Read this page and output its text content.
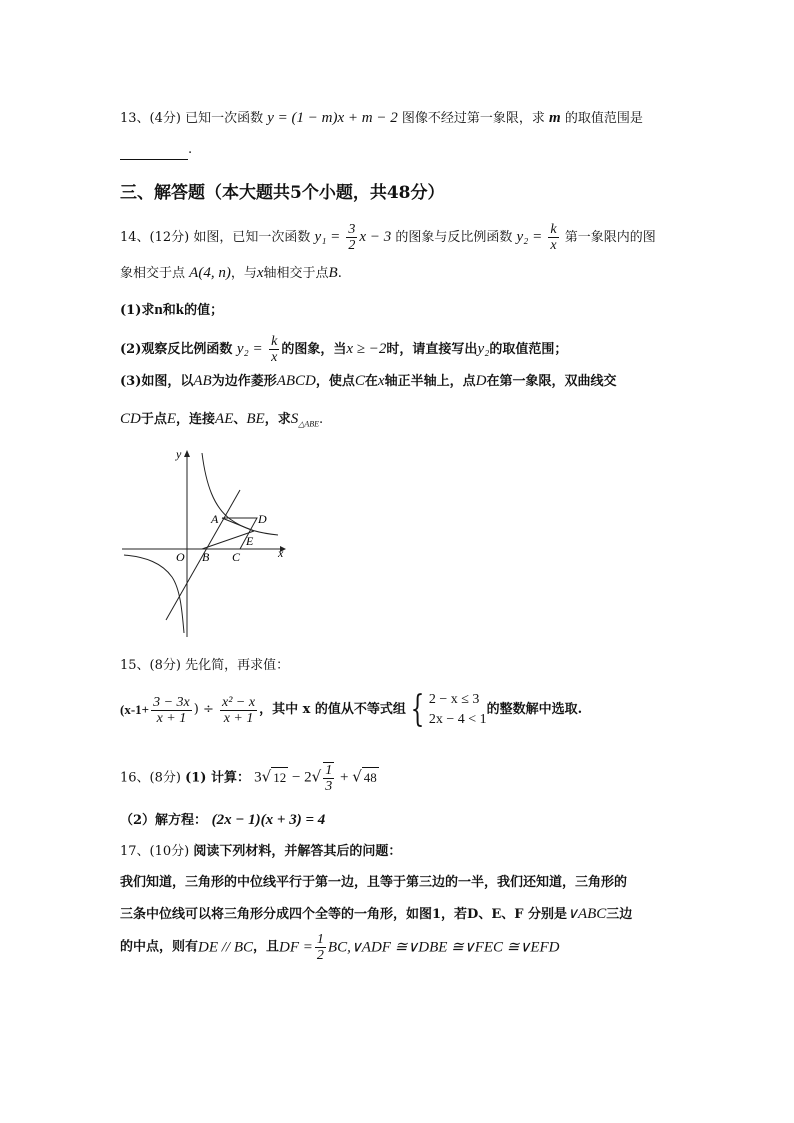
13、(4分) 已知一次函数 y = (1 − m)x + m − 2 图像不经过第一象限，求 m 的取值范围是
.
三、解答题（本大题共5个小题，共48分）
14、(12分) 如图，已知一次函数 $y_1 = \frac{3}{2}$ x − 3 的图象与反比例函数 $y_2 = \frac{k}{x}$ 第一象限内的图
象相交于点 A(4, n)，与x轴相交于点B.
(1)求n和k的值；
(2)观察反比例函数 $y_2 = \frac{k}{x}$ 的图象，当x ≥ −2时，请直接写出y₂的取值范围；
(3)如图，以AB为边作菱形ABCD，使点C在x轴正半轴上，点D在第一象限，双曲线交
CD于点E，连接AE、BE，求$S_{\triangle ABE}$.
y
x
O
A
B C
D
E
15、(8分) 先化简，再求值：
($x-1+ \frac{3 - 3x}{x + 1}$ ) ÷ $\frac{\text{x² − x}}{x + 1}$ ，其中 x 的值从不等式组 { 2 − x ≤ 3
2x − 4 < 1
的整数解中选取.
16、(8分) (1) 计算： 3√ $12 - 2√ \frac{1}{3}$ + √ 48
（2）解方程： (2x − 1)(x + 3) = 4
17、(10分) 阅读下列材料，并解答其后的问题：
我们知道，三角形的中位线平行于第一边，且等于第三边的一半，我们还知道，三角形的
三条中位线可以将三角形分成四个全等的一角形，如图1，若D、E、F 分别是∨ABC三边
的中点，则有DE // BC，且DF = $\frac{1}{2}$ BC,∨ADF ≅∨DBE ≅∨FEC ≅∨EFD
